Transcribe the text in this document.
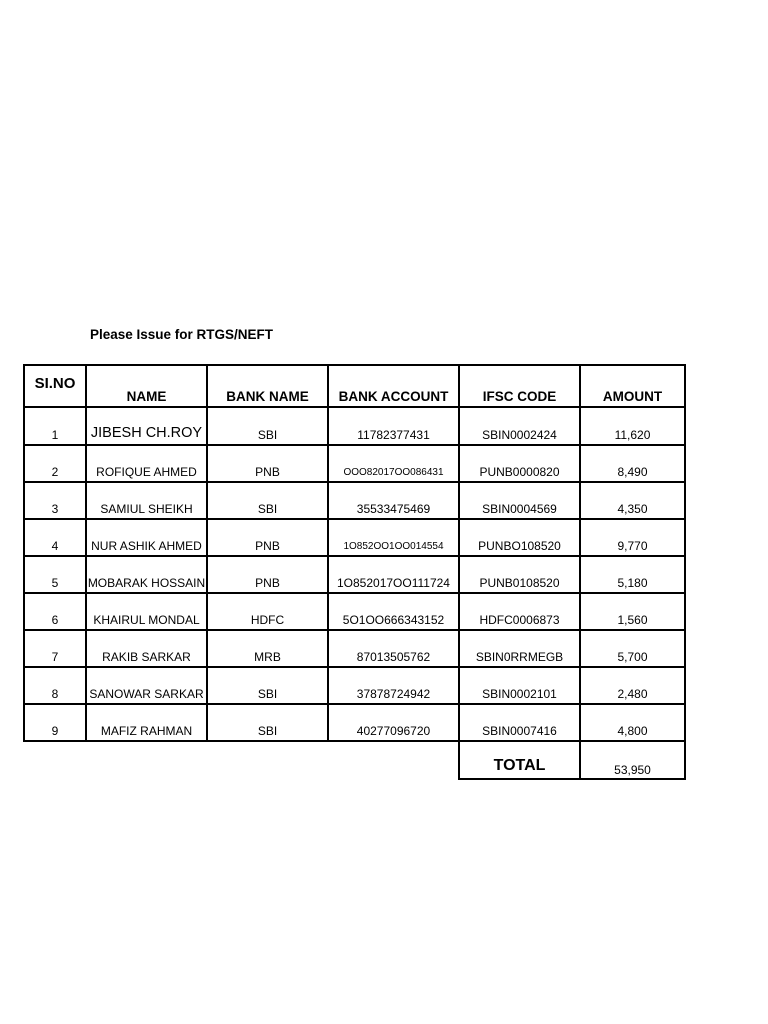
Please Issue for RTGS/NEFT
SI.NO	NAME	BANK NAME	BANK ACCOUNT	IFSC CODE	AMOUNT
1	JIBESH CH.ROY	SBI	11782377431	SBIN0002424	11,620
2	ROFIQUE AHMED	PNB	OOO82017OO086431	PUNB0000820	8,490
3	SAMIUL SHEIKH	SBI	35533475469	SBIN0004569	4,350
4	NUR ASHIK AHMED	PNB	1O852OO1OO014554	PUNBO108520	9,770
5	MOBARAK HOSSAIN	PNB	1O852017OO111724	PUNB0108520	5,180
6	KHAIRUL MONDAL	HDFC	5O1OO666343152	HDFC0006873	1,560
7	RAKIB SARKAR	MRB	87013505762	SBIN0RRMEGB	5,700
8	SANOWAR SARKAR	SBI	37878724942	SBIN0002101	2,480
9	MAFIZ RAHMAN	SBI	40277096720	SBIN0007416	4,800
				TOTAL	53,950
